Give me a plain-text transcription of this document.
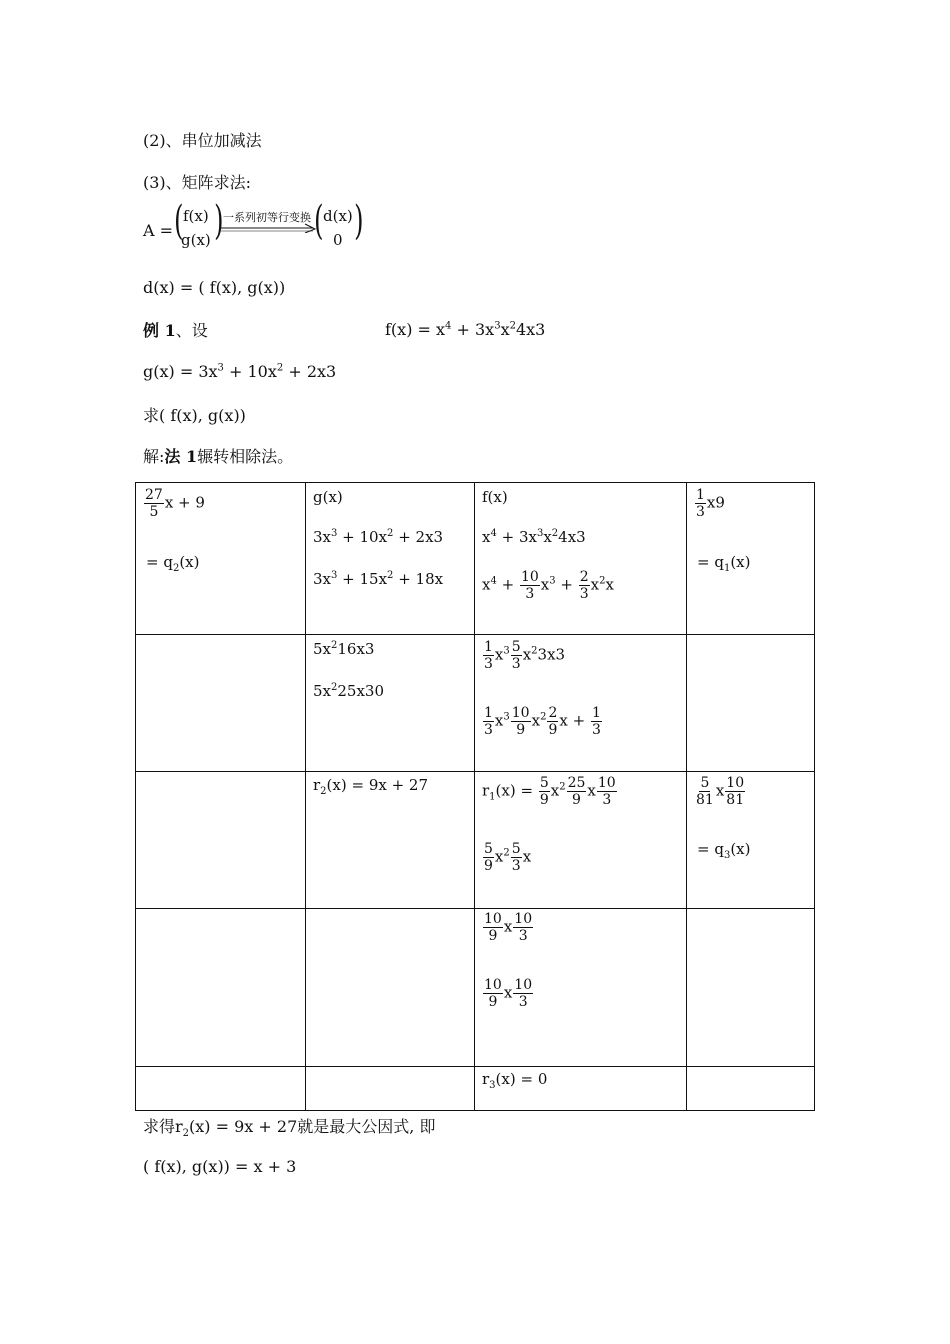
(2)、串位加减法
(3)、矩阵求法:
A = ( f(x)
g(x) ) 一系列初等行变换 ( d(x)
0 )
d(x) = ( f(x), g(x))
例 1、设	$f(x) = x^4 + 3x^3x^24x3$
$g(x) = 3x^3 + 10x^2 + 2x3$
求( f(x), g(x))
解:法 1辗转相除法。
$\frac{27}{5}$ x + 9
= $q_2(x)$
g(x)
$3x^3 + 10x^2 + 2x3$
$3x^3 + 15x^2 + 18x$
f(x)
$x^4 + 3x^3x^24x3$
$x^4 + \frac{10}{3} x^3 + \frac{2}{3} x^2x$
$\frac{1}{3} x9$
= $q_1(x)$
$5x^216x3$
$5x^225x30$
$\frac{1}{3} x^3 \frac{5}{3} x^23x3$
$\frac{1}{3} x^3 \frac{10}{9} x^2 \frac{2}{9}$ $x + \frac{1}{3}$
$r_2(x) = 9x + 27$	$r_1(x) = \frac{5}{9} x^2 \frac{25}{9}$ x $\frac{10}{3}$
$\frac{5}{9} x^2 \frac{5}{3}$ x
$\frac{5}{81}$ x $\frac{10}{81}$
= $q_3(x)$
$\frac{10}{9}$ x $\frac{10}{3}$
$\frac{10}{9}$ x $\frac{10}{3}$
$r_3(x) = 0$
求得$r_2(x) = 9x + 27$就是最大公因式, 即
( f(x), g(x)) = x + 3
